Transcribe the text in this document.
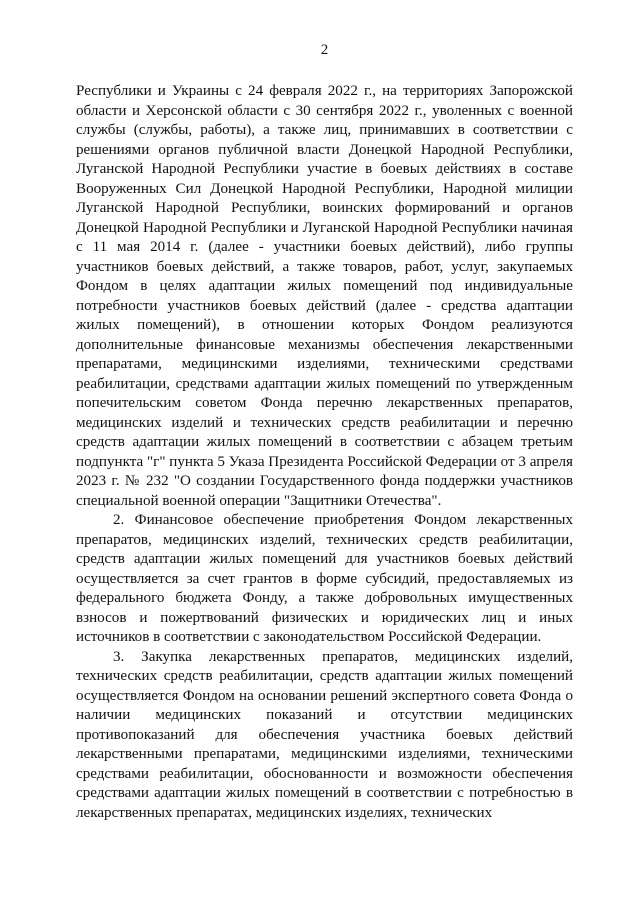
2

Республики и Украины с 24 февраля 2022 г., на территориях Запорожской области и Херсонской области с 30 сентября 2022 г., уволенных с военной службы (службы, работы), а также лиц, принимавших в соответствии с решениями органов публичной власти Донецкой Народной Республики, Луганской Народной Республики участие в боевых действиях в составе Вооруженных Сил Донецкой Народной Республики, Народной милиции Луганской Народной Республики, воинских формирований и органов Донецкой Народной Республики и Луганской Народной Республики начиная с 11 мая 2014 г. (далее - участники боевых действий), либо группы участников боевых действий, а также товаров, работ, услуг, закупаемых Фондом в целях адаптации жилых помещений под индивидуальные потребности участников боевых действий (далее - средства адаптации жилых помещений), в отношении которых Фондом реализуются дополнительные финансовые механизмы обеспечения лекарственными препаратами, медицинскими изделиями, техническими средствами реабилитации, средствами адаптации жилых помещений по утвержденным попечительским советом Фонда перечню лекарственных препаратов, медицинских изделий и технических средств реабилитации и перечню средств адаптации жилых помещений в соответствии с абзацем третьим подпункта "г" пункта 5 Указа Президента Российской Федерации от 3 апреля 2023 г. № 232 "О создании Государственного фонда поддержки участников специальной военной операции "Защитники Отечества".

2. Финансовое обеспечение приобретения Фондом лекарственных препаратов, медицинских изделий, технических средств реабилитации, средств адаптации жилых помещений для участников боевых действий осуществляется за счет грантов в форме субсидий, предоставляемых из федерального бюджета Фонду, а также добровольных имущественных взносов и пожертвований физических и юридических лиц и иных источников в соответствии с законодательством Российской Федерации.

3. Закупка лекарственных препаратов, медицинских изделий, технических средств реабилитации, средств адаптации жилых помещений осуществляется Фондом на основании решений экспертного совета Фонда о наличии медицинских показаний и отсутствии медицинских противопоказаний для обеспечения участника боевых действий лекарственными препаратами, медицинскими изделиями, техническими средствами реабилитации, обоснованности и возможности обеспечения средствами адаптации жилых помещений в соответствии с потребностью в лекарственных препаратах, медицинских изделиях, технических
